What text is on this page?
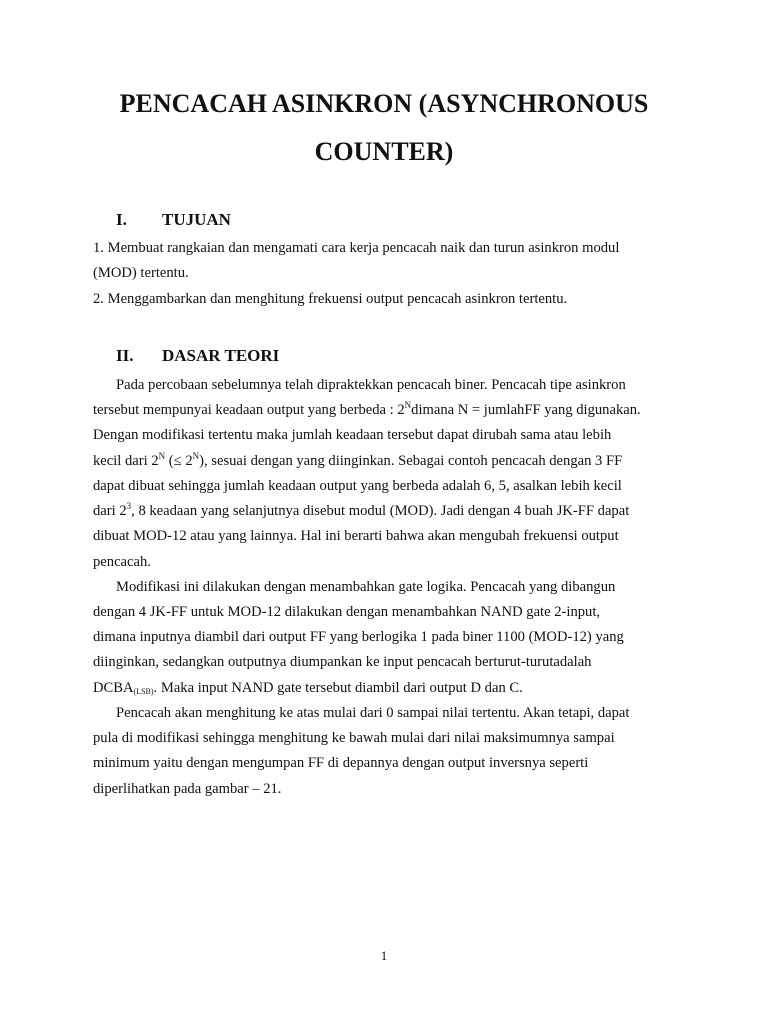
PENCACAH ASINKRON (ASYNCHRONOUS
COUNTER)
I. TUJUAN
1. Membuat rangkaian dan mengamati cara kerja pencacah naik dan turun asinkron modul
(MOD) tertentu.
2. Menggambarkan dan menghitung frekuensi output pencacah asinkron tertentu.
II. DASAR TEORI
Pada percobaan sebelumnya telah dipraktekkan pencacah biner. Pencacah tipe asinkron
tersebut mempunyai keadaan output yang berbeda : $2^Ndimana$ N = jumlahFF yang digunakan.
Dengan modifikasi tertentu maka jumlah keadaan tersebut dapat dirubah sama atau lebih
kecil dari $2^N$ (≤ $2^N$), sesuai dengan yang diinginkan. Sebagai contoh pencacah dengan 3 FF
dapat dibuat sehingga jumlah keadaan output yang berbeda adalah 6, 5, asalkan lebih kecil
dari $2^3$, 8 keadaan yang selanjutnya disebut modul (MOD). Jadi dengan 4 buah JK-FF dapat
dibuat MOD-12 atau yang lainnya. Hal ini berarti bahwa akan mengubah frekuensi output
pencacah.
Modifikasi ini dilakukan dengan menambahkan gate logika. Pencacah yang dibangun
dengan 4 JK-FF untuk MOD-12 dilakukan dengan menambahkan NAND gate 2-input,
dimana inputnya diambil dari output FF yang berlogika 1 pada biner 1100 (MOD-12) yang
diinginkan, sedangkan outputnya diumpankan ke input pencacah berturut-turutadalah
$DCBA_{(LSB)}$. Maka input NAND gate tersebut diambil dari output D dan C.
Pencacah akan menghitung ke atas mulai dari 0 sampai nilai tertentu. Akan tetapi, dapat
pula di modifikasi sehingga menghitung ke bawah mulai dari nilai maksimumnya sampai
minimum yaitu dengan mengumpan FF di depannya dengan output inversnya seperti
diperlihatkan pada gambar – 21.
1
